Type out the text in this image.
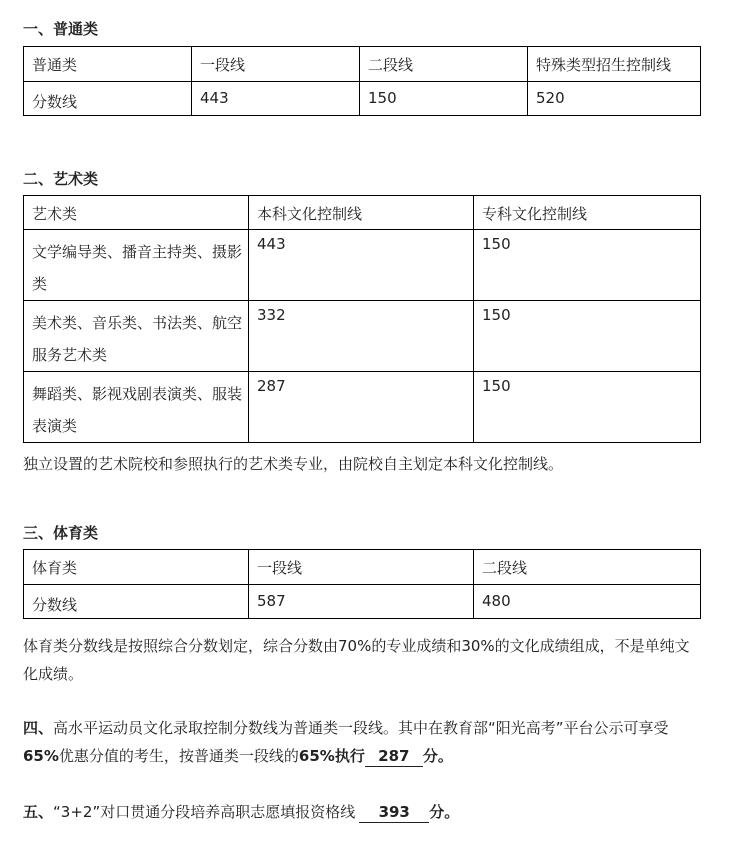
一、普通类
普通类	一段线	二段线	特殊类型招生控制线
分数线	443	150	520
二、艺术类
艺术类	本科文化控制线	专科文化控制线
文学编导类、播音主持类、摄影类	443	150
美术类、音乐类、书法类、航空服务艺术类	332	150
舞蹈类、影视戏剧表演类、服装表演类	287	150
独立设置的艺术院校和参照执行的艺术类专业，由院校自主划定本科文化控制线。
三、体育类
体育类	一段线	二段线
分数线	587	480
体育类分数线是按照综合分数划定，综合分数由70%的专业成绩和30%的文化成绩组成，不是单纯文化成绩。
四、高水平运动员文化录取控制分数线为普通类一段线。其中在教育部“阳光高考”平台公示可享受65%优惠分值的考生，按普通类一段线的65%执行 287 分。
五、“3+2”对口贯通分段培养高职志愿填报资格线 393 分。
